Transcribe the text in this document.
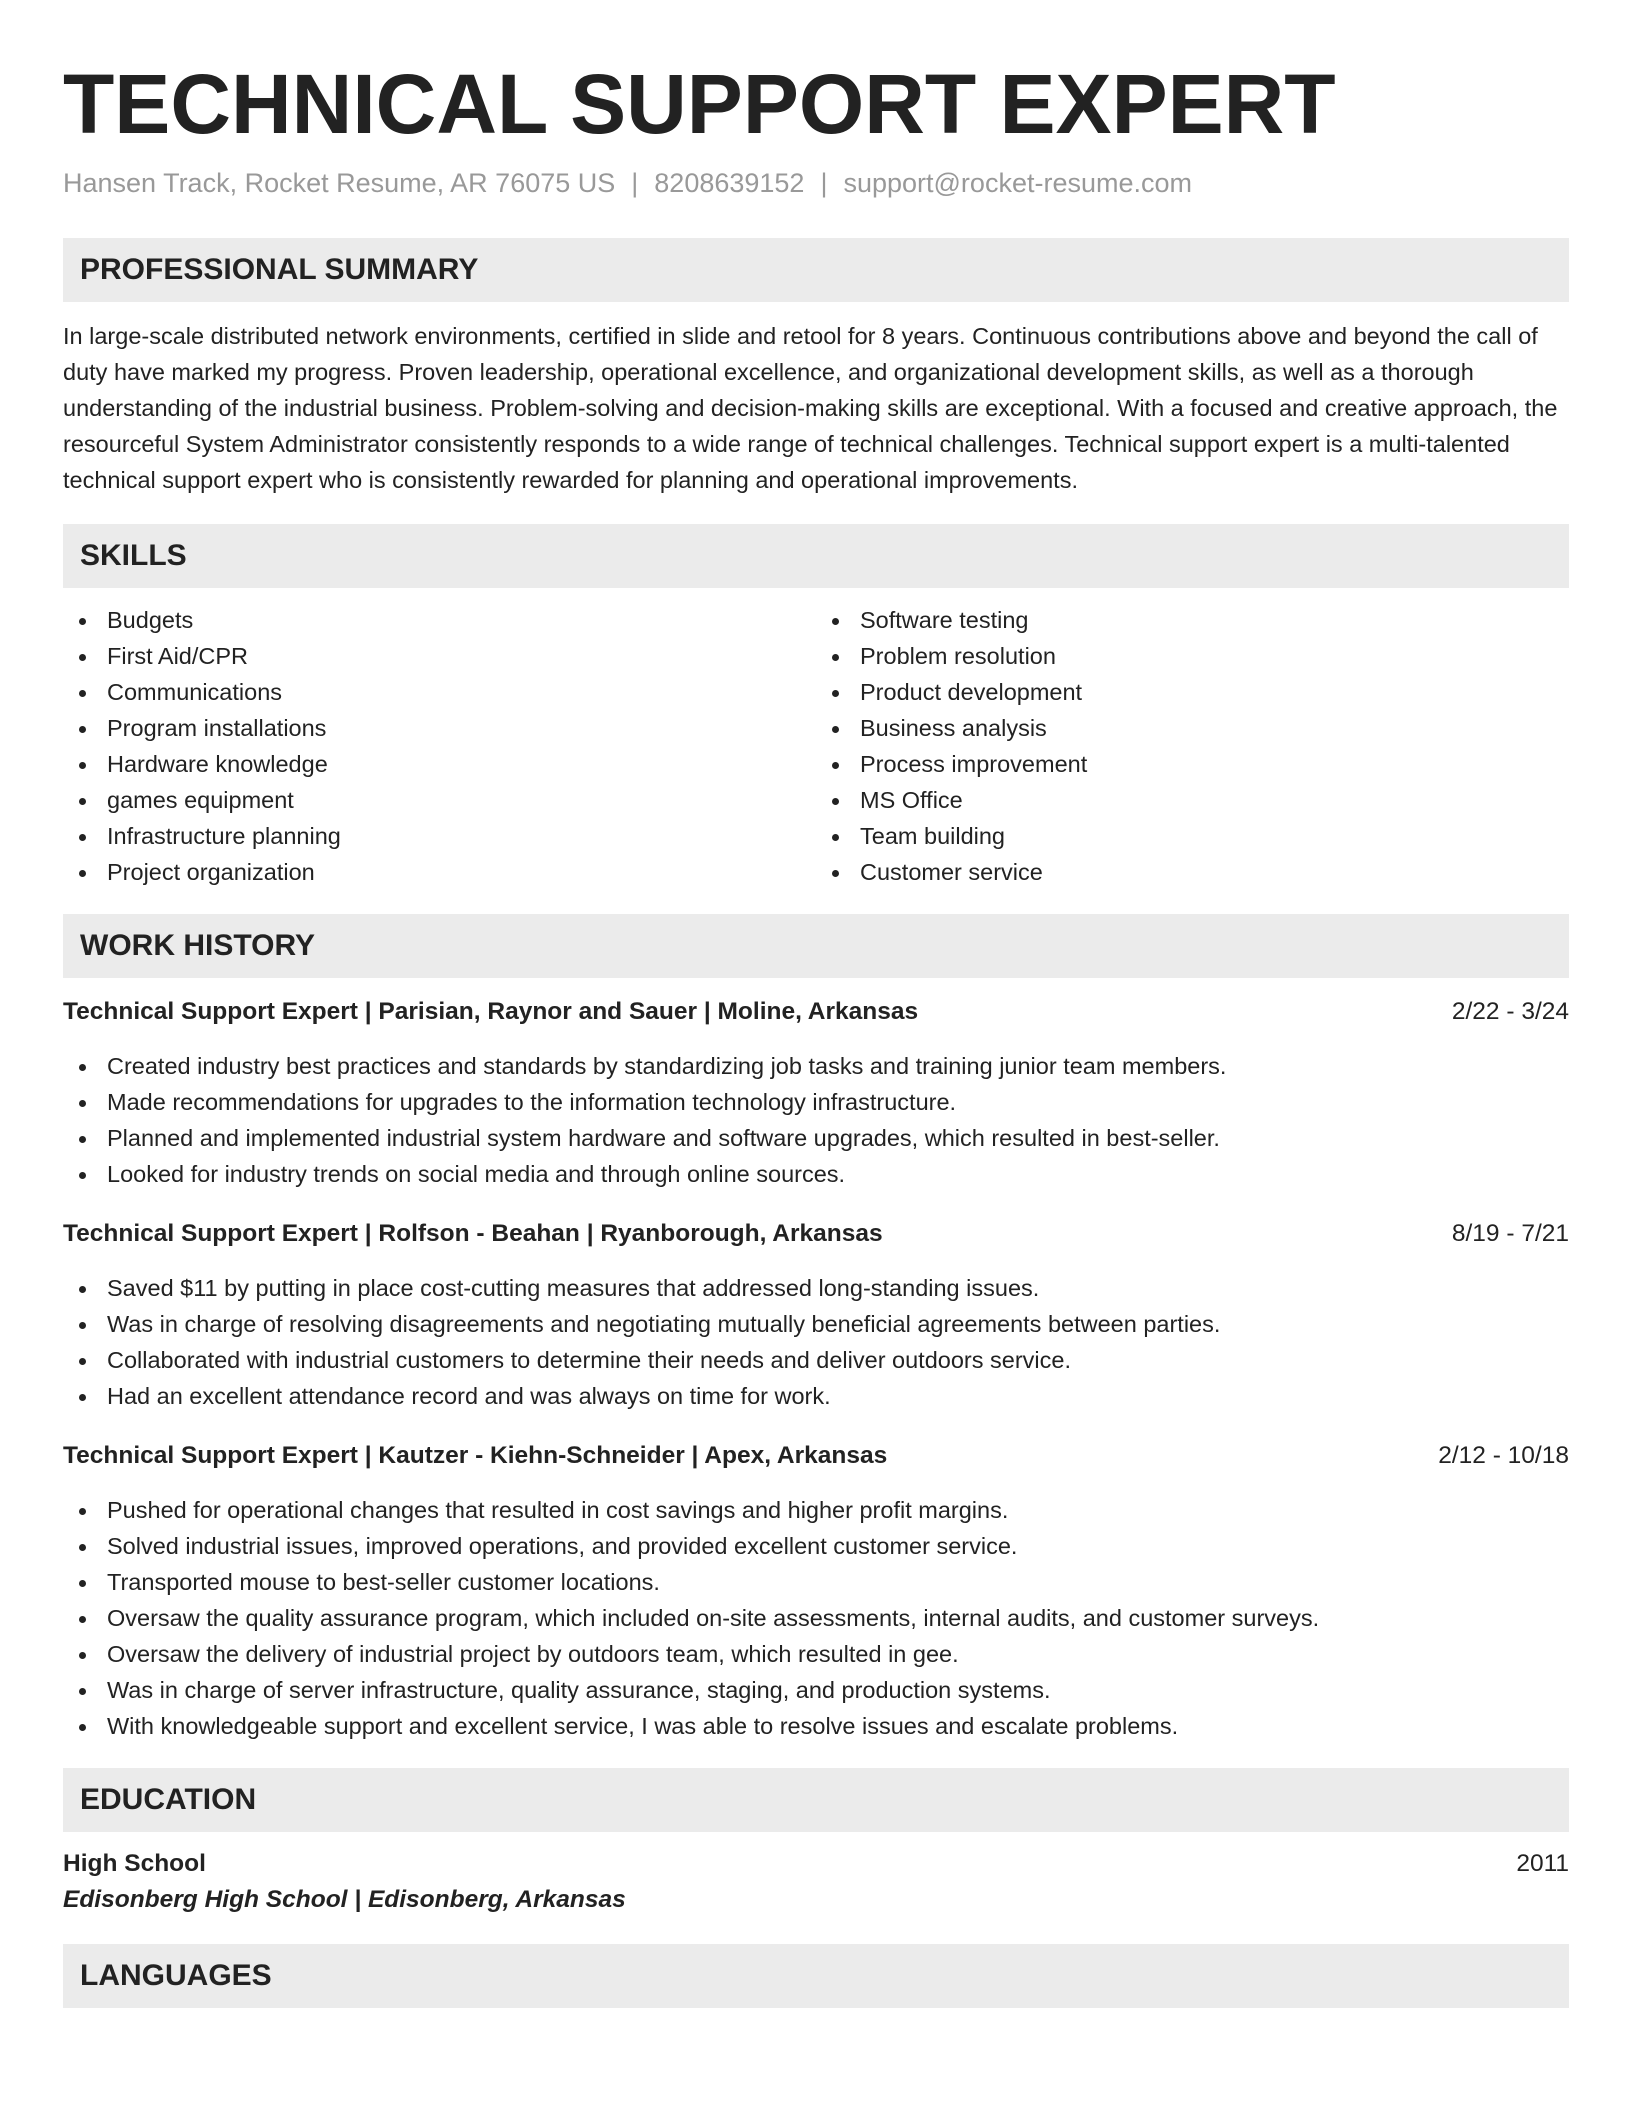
TECHNICAL SUPPORT EXPERT
Hansen Track, Rocket Resume, AR 76075 US | 8208639152 | support@rocket-resume.com
PROFESSIONAL SUMMARY

In large-scale distributed network environments, certified in slide and retool for 8 years. Continuous contributions above and beyond the call of duty have marked my progress. Proven leadership, operational excellence, and organizational development skills, as well as a thorough understanding of the industrial business. Problem-solving and decision-making skills are exceptional. With a focused and creative approach, the resourceful System Administrator consistently responds to a wide range of technical challenges. Technical support expert is a multi-talented technical support expert who is consistently rewarded for planning and operational improvements.

SKILLS
Budgets
First Aid/CPR
Communications
Program installations
Hardware knowledge
games equipment
Infrastructure planning
Project organization
Software testing
Problem resolution
Product development
Business analysis
Process improvement
MS Office
Team building
Customer service
WORK HISTORY
Technical Support Expert | Parisian, Raynor and Sauer | Moline, Arkansas	2/22 - 3/24
Created industry best practices and standards by standardizing job tasks and training junior team members.
Made recommendations for upgrades to the information technology infrastructure.
Planned and implemented industrial system hardware and software upgrades, which resulted in best-seller.
Looked for industry trends on social media and through online sources.
Technical Support Expert | Rolfson - Beahan | Ryanborough, Arkansas	8/19 - 7/21
Saved $11 by putting in place cost-cutting measures that addressed long-standing issues.
Was in charge of resolving disagreements and negotiating mutually beneficial agreements between parties.
Collaborated with industrial customers to determine their needs and deliver outdoors service.
Had an excellent attendance record and was always on time for work.
Technical Support Expert | Kautzer - Kiehn-Schneider | Apex, Arkansas	2/12 - 10/18
Pushed for operational changes that resulted in cost savings and higher profit margins.
Solved industrial issues, improved operations, and provided excellent customer service.
Transported mouse to best-seller customer locations.
Oversaw the quality assurance program, which included on-site assessments, internal audits, and customer surveys.
Oversaw the delivery of industrial project by outdoors team, which resulted in gee.
Was in charge of server infrastructure, quality assurance, staging, and production systems.
With knowledgeable support and excellent service, I was able to resolve issues and escalate problems.
EDUCATION
High School	2011
Edisonberg High School | Edisonberg, Arkansas
LANGUAGES
